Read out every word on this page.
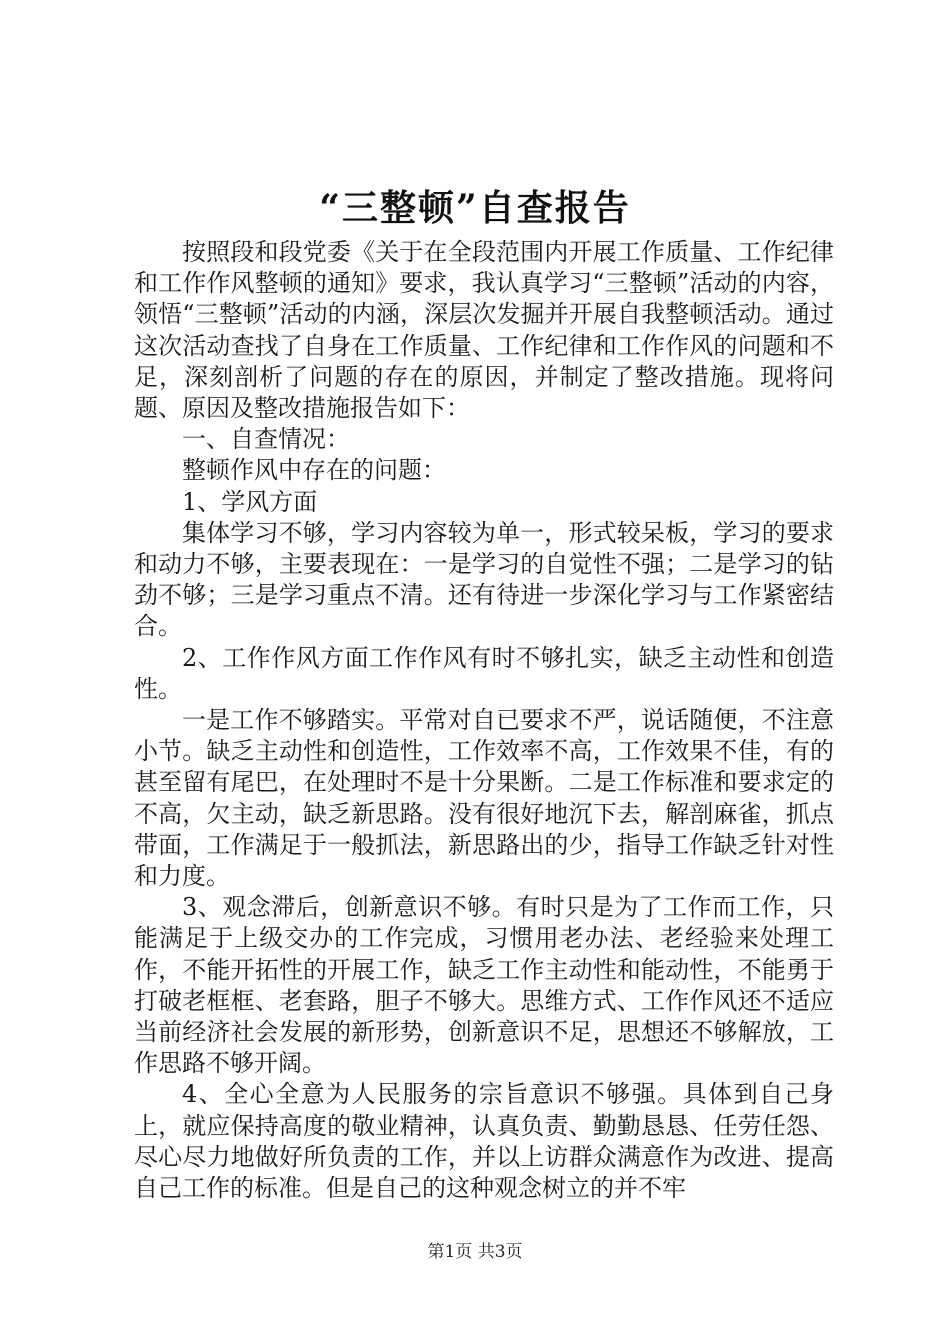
“三整顿”自查报告

按照段和段党委《关于在全段范围内开展工作质量、工作纪律和工作作风整顿的通知》要求，我认真学习“三整顿”活动的内容，领悟“三整顿”活动的内涵，深层次发掘并开展自我整顿活动。通过这次活动查找了自身在工作质量、工作纪律和工作作风的问题和不足，深刻剖析了问题的存在的原因，并制定了整改措施。现将问题、原因及整改措施报告如下：

一、自查情况：

整顿作风中存在的问题：

1、学风方面

集体学习不够，学习内容较为单一，形式较呆板，学习的要求和动力不够，主要表现在：一是学习的自觉性不强；二是学习的钻劲不够；三是学习重点不清。还有待进一步深化学习与工作紧密结合。

2、工作作风方面工作作风有时不够扎实，缺乏主动性和创造性。

一是工作不够踏实。平常对自已要求不严，说话随便，不注意小节。缺乏主动性和创造性，工作效率不高，工作效果不佳，有的甚至留有尾巴，在处理时不是十分果断。二是工作标准和要求定的不高，欠主动，缺乏新思路。没有很好地沉下去，解剖麻雀，抓点带面，工作满足于一般抓法，新思路出的少，指导工作缺乏针对性和力度。

3、观念滞后，创新意识不够。有时只是为了工作而工作，只能满足于上级交办的工作完成，习惯用老办法、老经验来处理工作，不能开拓性的开展工作，缺乏工作主动性和能动性，不能勇于打破老框框、老套路，胆子不够大。思维方式、工作作风还不适应当前经济社会发展的新形势，创新意识不足，思想还不够解放，工作思路不够开阔。

4、全心全意为人民服务的宗旨意识不够强。具体到自己身上，就应保持高度的敬业精神，认真负责、勤勤恳恳、任劳任怨、尽心尽力地做好所负责的工作，并以上访群众满意作为改进、提高自己工作的标准。但是自己的这种观念树立的并不牢

第1页 共3页
